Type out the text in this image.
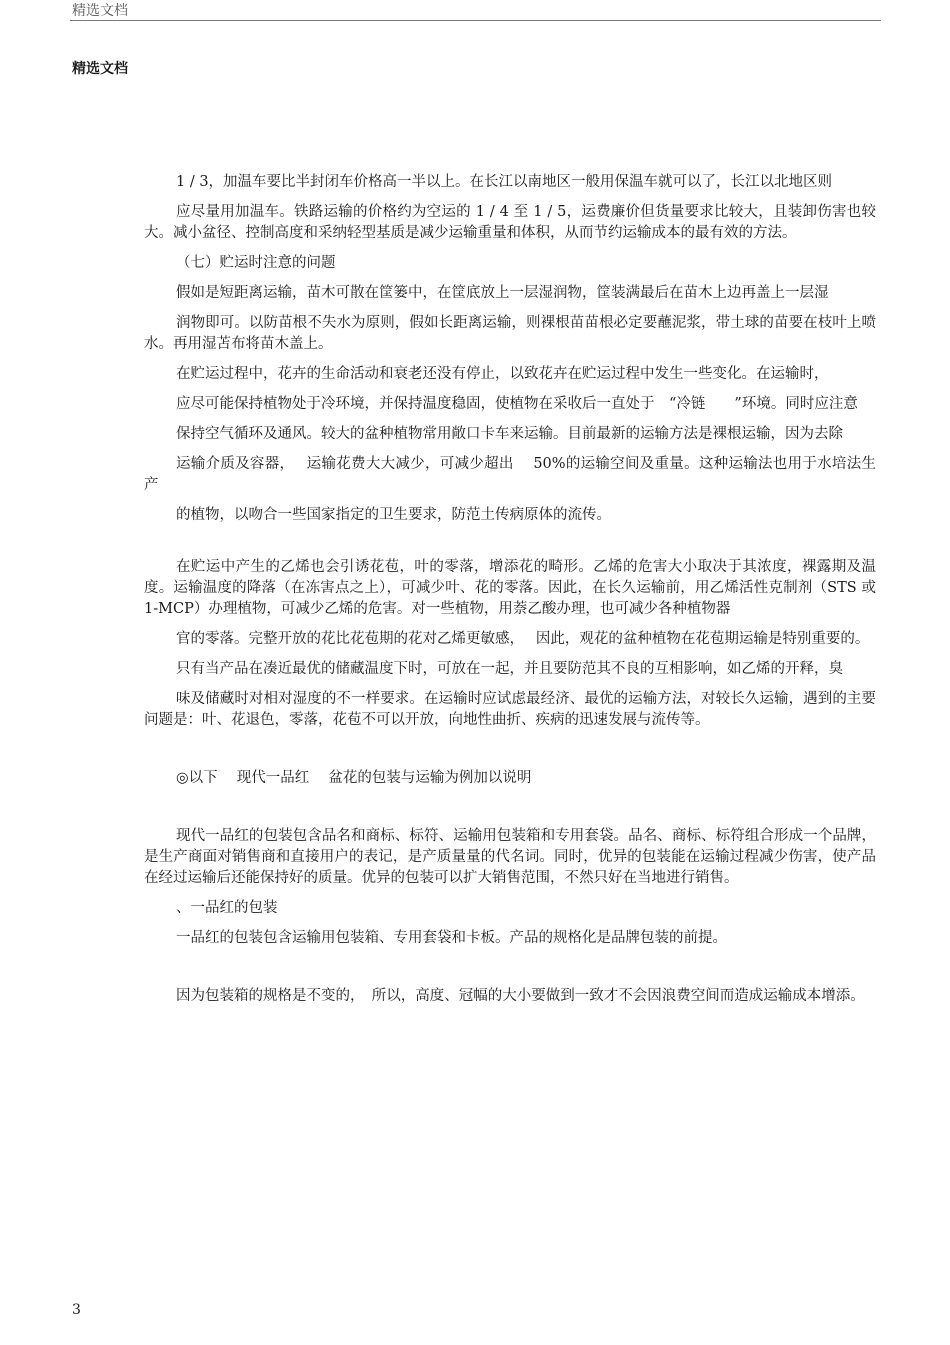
精选文档
精选文档

1 / 3，加温车要比半封闭车价格高一半以上。在长江以南地区一般用保温车就可以了，长江以北地区则

应尽量用加温车。铁路运输的价格约为空运的 1 / 4 至 1 / 5，运费廉价但货量要求比较大，且装卸伤害也较大。减小盆径、控制高度和采纳轻型基质是减少运输重量和体积，从而节约运输成本的最有效的方法。

（七）贮运时注意的问题

假如是短距离运输，苗木可散在筐篓中，在筐底放上一层湿润物，筐装满最后在苗木上边再盖上一层湿

润物即可。以防苗根不失水为原则，假如长距离运输，则裸根苗苗根必定要蘸泥浆，带土球的苗要在枝叶上喷水。再用湿苫布将苗木盖上。

在贮运过程中，花卉的生命活动和衰老还没有停止，以致花卉在贮运过程中发生一些变化。在运输时，

应尽可能保持植物处于冷环境，并保持温度稳固，使植物在采收后一直处于　“冷链　　”环境。同时应注意

保持空气循环及通风。较大的盆种植物常用敞口卡车来运输。目前最新的运输方法是裸根运输，因为去除

运输介质及容器，　 运输花费大大减少，可减少超出　 50%的运输空间及重量。这种运输法也用于水培法生产

的植物，以吻合一些国家指定的卫生要求，防范土传病原体的流传。

在贮运中产生的乙烯也会引诱花苞，叶的零落，增添花的畸形。乙烯的危害大小取决于其浓度，裸露期及温度。运输温度的降落（在冻害点之上），可减少叶、花的零落。因此，在长久运输前，用乙烯活性克制剂（STS 或 1-MCP）办理植物，可减少乙烯的危害。对一些植物，用萘乙酸办理，也可减少各种植物器

官的零落。完整开放的花比花苞期的花对乙烯更敏感，　 因此，观花的盆种植物在花苞期运输是特别重要的。

只有当产品在凑近最优的储藏温度下时，可放在一起，并且要防范其不良的互相影响，如乙烯的开释，臭

味及储藏时对相对湿度的不一样要求。在运输时应试虑最经济、最优的运输方法，对较长久运输，遇到的主要问题是：叶、花退色，零落，花苞不可以开放，向地性曲折、疾病的迅速发展与流传等。

◎以下　 现代一品红　 盆花的包装与运输为例加以说明

现代一品红的包装包含品名和商标、标符、运输用包装箱和专用套袋。品名、商标、标符组合形成一个品牌，是生产商面对销售商和直接用户的表记，是产质量量的代名词。同时，优异的包装能在运输过程减少伤害，使产品在经过运输后还能保持好的质量。优异的包装可以扩大销售范围，不然只好在当地进行销售。

、一品红的包装

一品红的包装包含运输用包装箱、专用套袋和卡板。产品的规格化是品牌包装的前提。

因为包装箱的规格是不变的，　所以，高度、冠幅的大小要做到一致才不会因浪费空间而造成运输成本增添。

3
